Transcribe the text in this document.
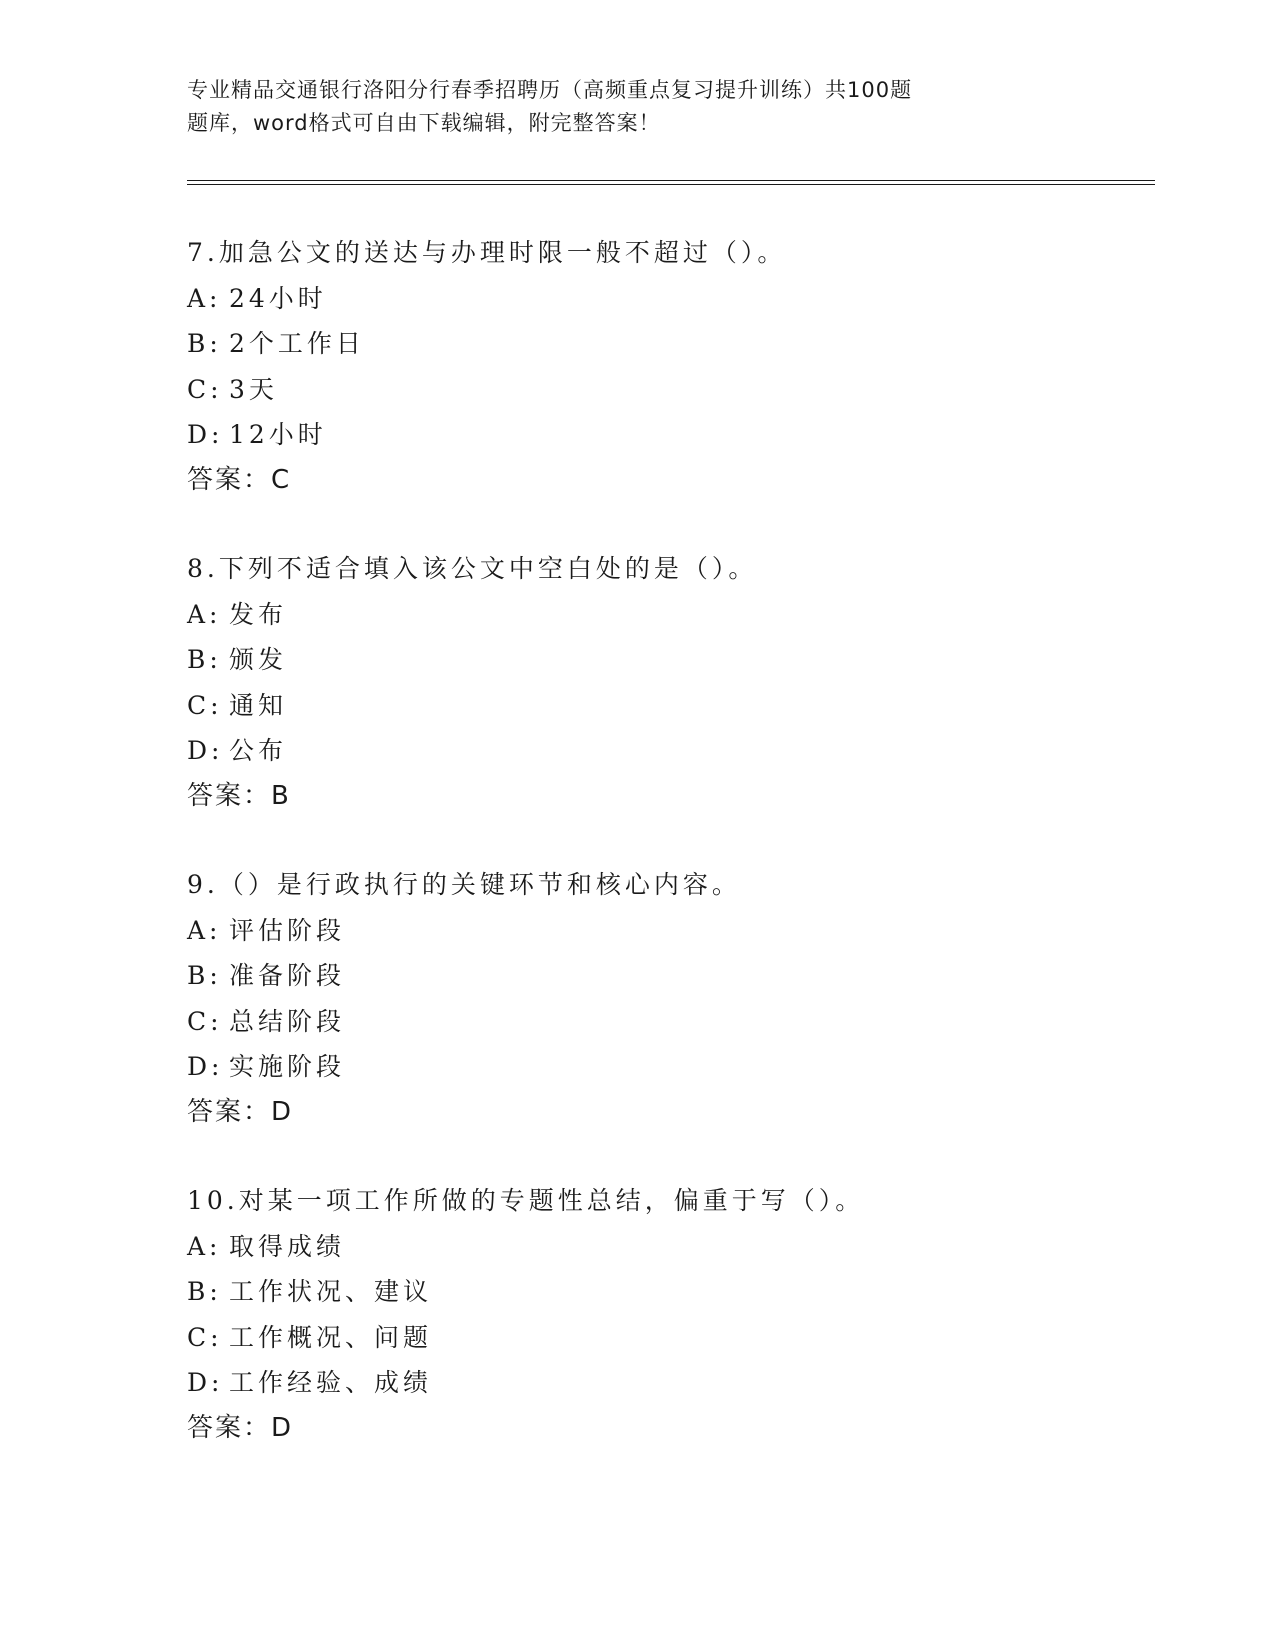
专业精品交通银行洛阳分行春季招聘历（高频重点复习提升训练）共100题
题库，word格式可自由下载编辑，附完整答案！
7.加急公文的送达与办理时限一般不超过（）。
A: 24小时
B: 2个工作日
C: 3天
D: 12小时
答案：C
8.下列不适合填入该公文中空白处的是（）。
A: 发布
B: 颁发
C: 通知
D: 公布
答案：B
9.（）是行政执行的关键环节和核心内容。
A: 评估阶段
B: 准备阶段
C: 总结阶段
D: 实施阶段
答案：D
10.对某一项工作所做的专题性总结，偏重于写（）。
A: 取得成绩
B: 工作状况、建议
C: 工作概况、问题
D: 工作经验、成绩
答案：D
